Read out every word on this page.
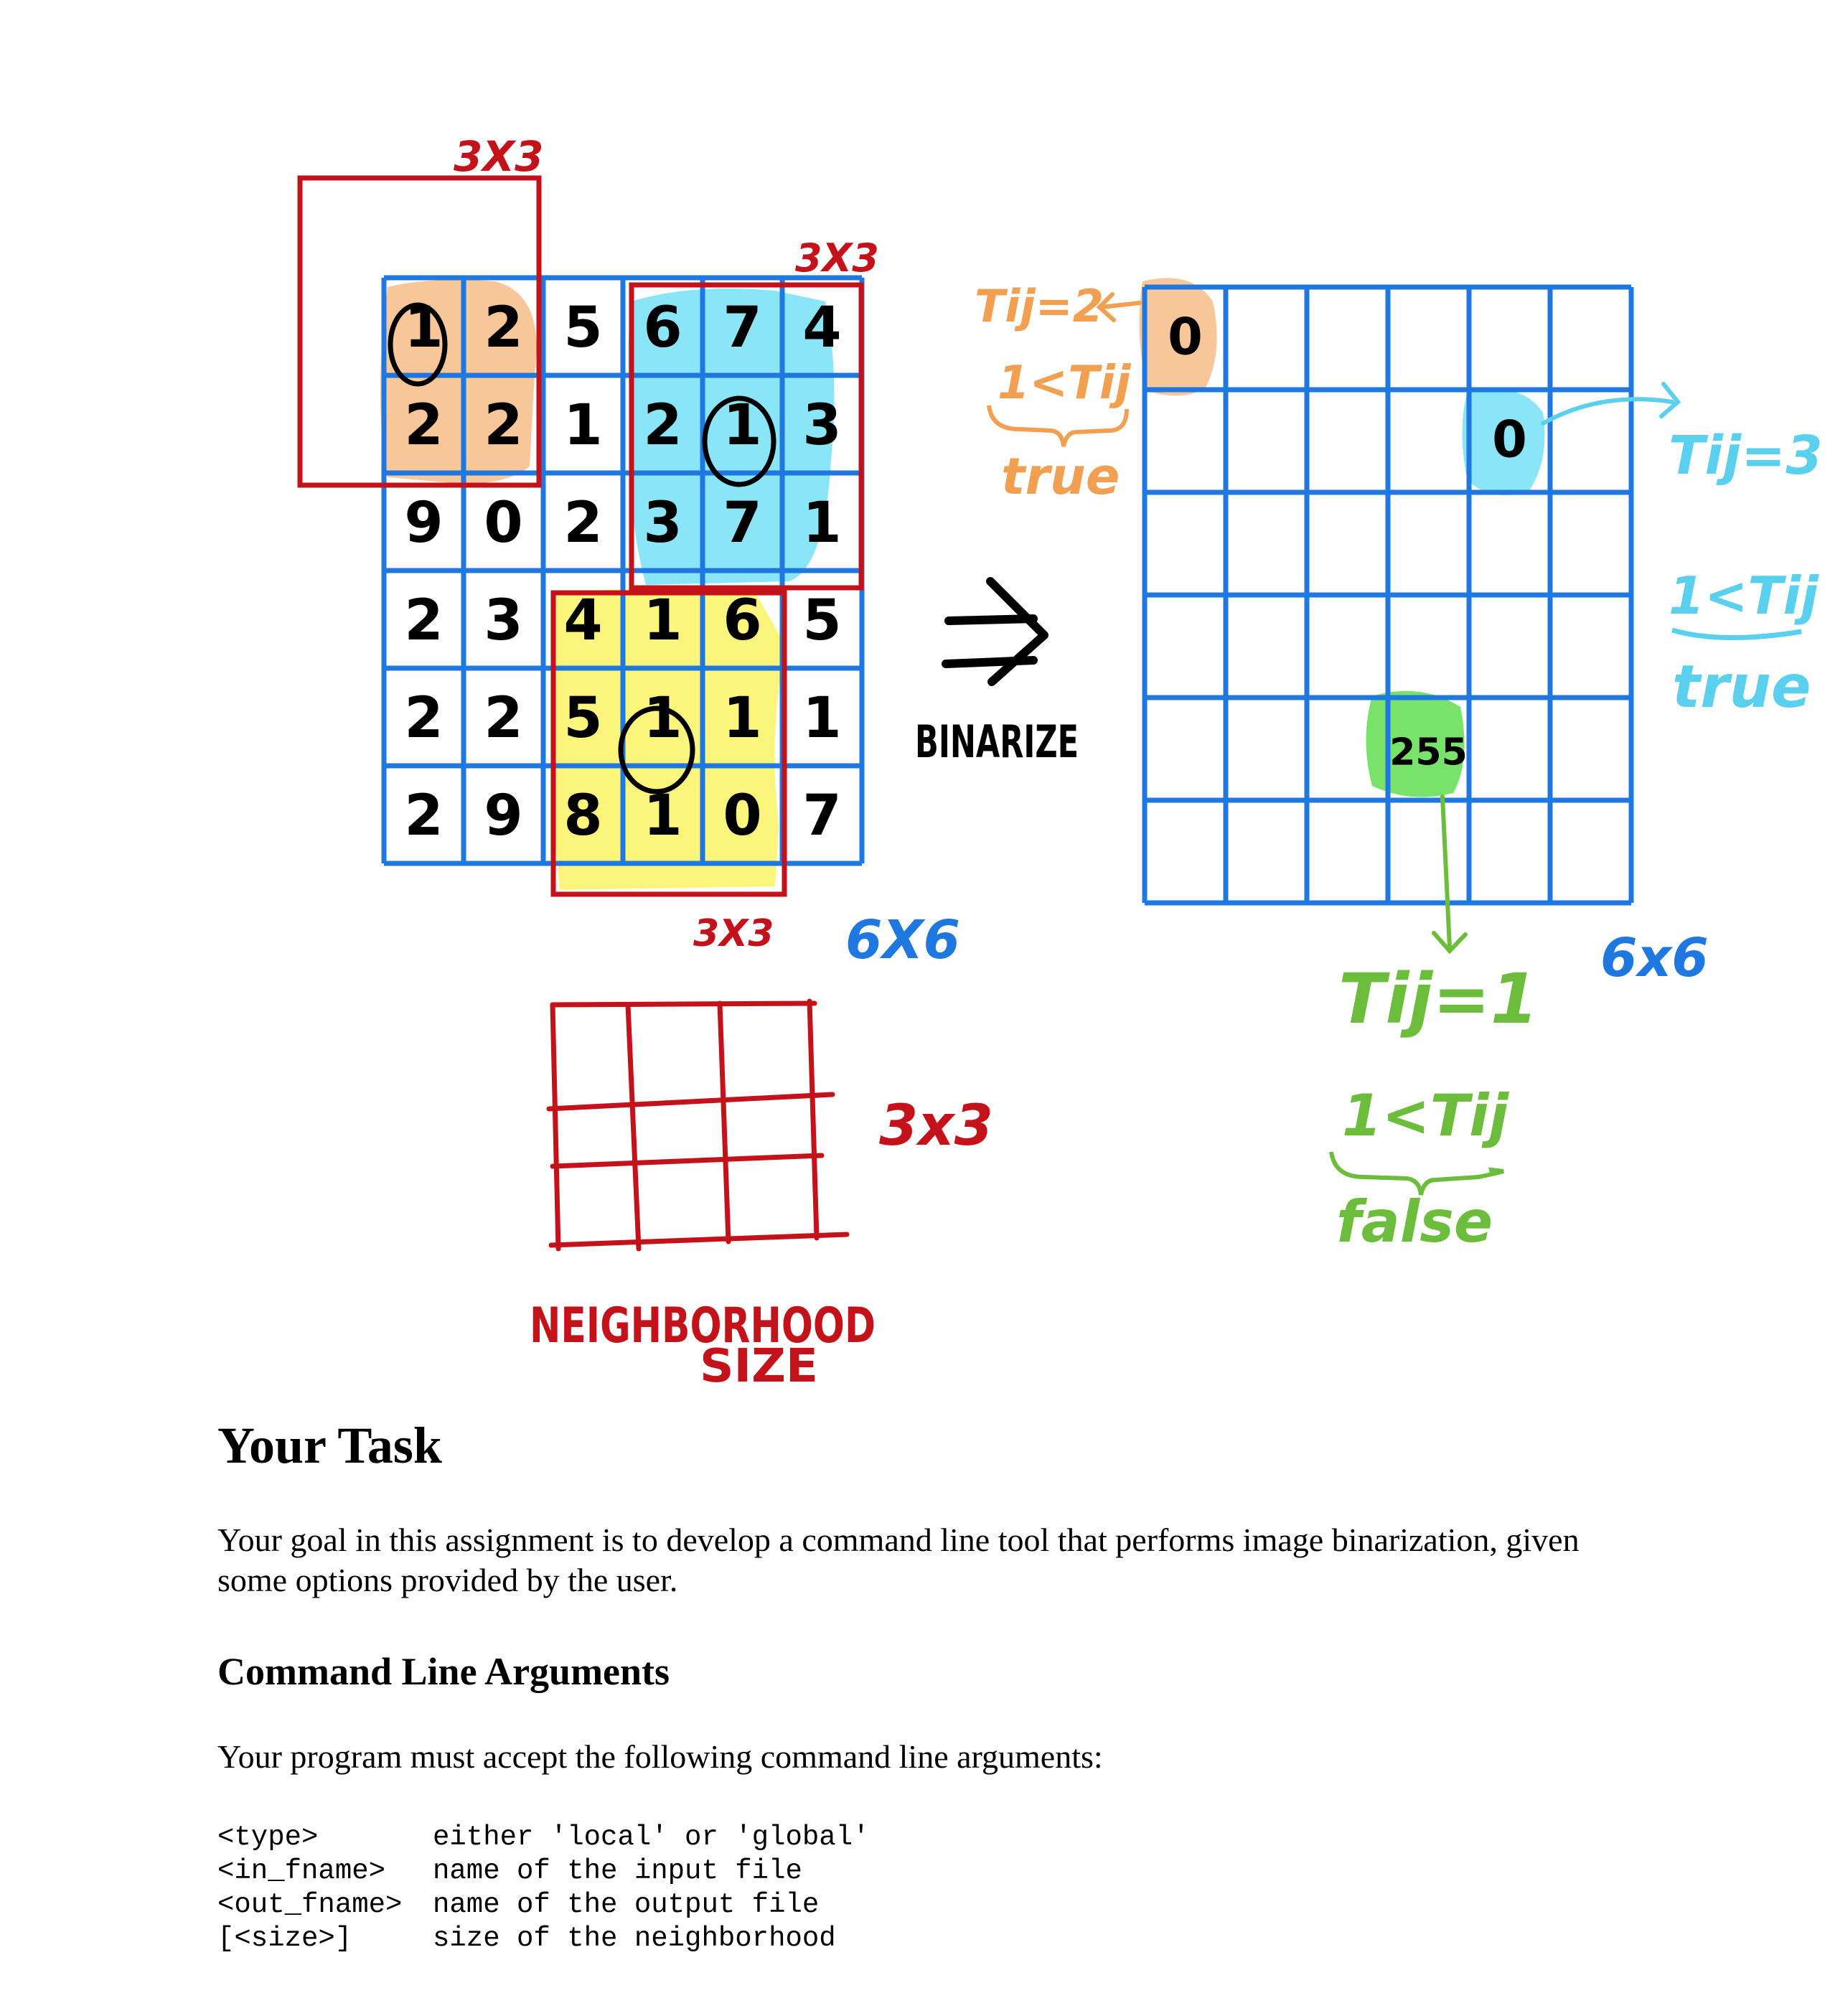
1 2 5 6 7 4
2 2 1 2 1 3
9 0 2 3 7 1
2 3 4 1 6 5
2 2 5 1 1 1
2 9 8 1 0 7
3X3
3X3
3X3 6X6
BINARIZE
0
0
255
6x6
Tij=2
1<Tij
true	Tij=3
1<Tij
true
Tij=1
1<Tij
false
3x3
NEIGHBORHOOD
SIZE
Your Task

Your goal in this assignment is to develop a command line tool that performs image binarization, given some options provided by the user.

Command Line Arguments

Your program must accept the following command line arguments:

<type>	either 'local' or 'global'
<in_fname> name of the input file
<out_fname> name of the output file
[<size>]	size of the neighborhood
